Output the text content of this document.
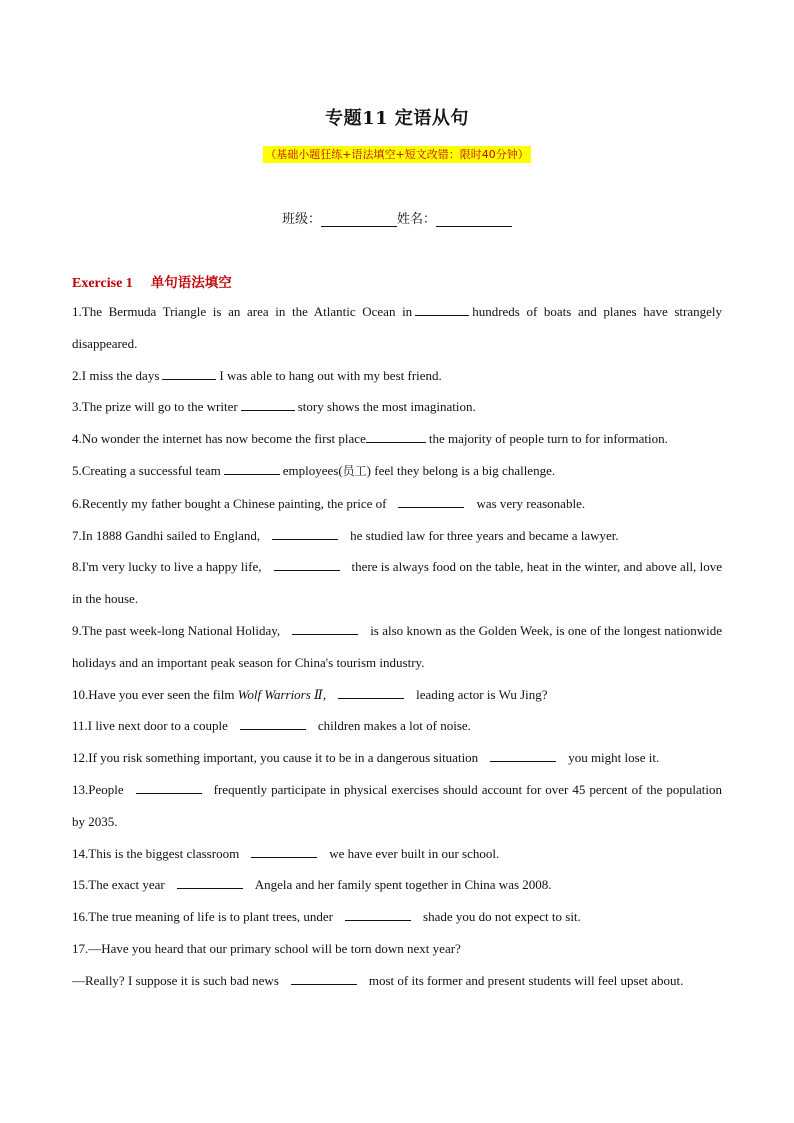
专题11 定语从句
（基础小题狂练+语法填空+短文改错：限时40分钟）
班级：	姓名：
Exercise 1 单句语法填空

1.The Bermuda Triangle is an area in the Atlantic Ocean in	hundreds of boats and planes have strangely disappeared.

2.I miss the days	I was able to hang out with my best friend.

3.The prize will go to the writer	story shows the most imagination.

4.No wonder the internet has now become the first place	the majority of people turn to for information.

5.Creating a successful team	employees(员工) feel they belong is a big challenge.

6.Recently my father bought a Chinese painting, the price of	was very reasonable.

7.In 1888 Gandhi sailed to England,	he studied law for three years and became a lawyer.

8.I'm very lucky to live a happy life,	there is always food on the table, heat in the winter, and above all, love in the house.

9.The past week-long National Holiday,	is also known as the Golden Week, is one of the longest nationwide holidays and an important peak season for China's tourism industry.

10.Have you ever seen the film Wolf Warriors Ⅱ,	leading actor is Wu Jing?

11.I live next door to a couple	children makes a lot of noise.

12.If you risk something important, you cause it to be in a dangerous situation	you might lose it.

13.People	frequently participate in physical exercises should account for over 45 percent of the population by 2035.

14.This is the biggest classroom	we have ever built in our school.

15.The exact year	Angela and her family spent together in China was 2008.

16.The true meaning of life is to plant trees, under	shade you do not expect to sit.

17.—Have you heard that our primary school will be torn down next year?

—Really? I suppose it is such bad news	most of its former and present students will feel upset about.
